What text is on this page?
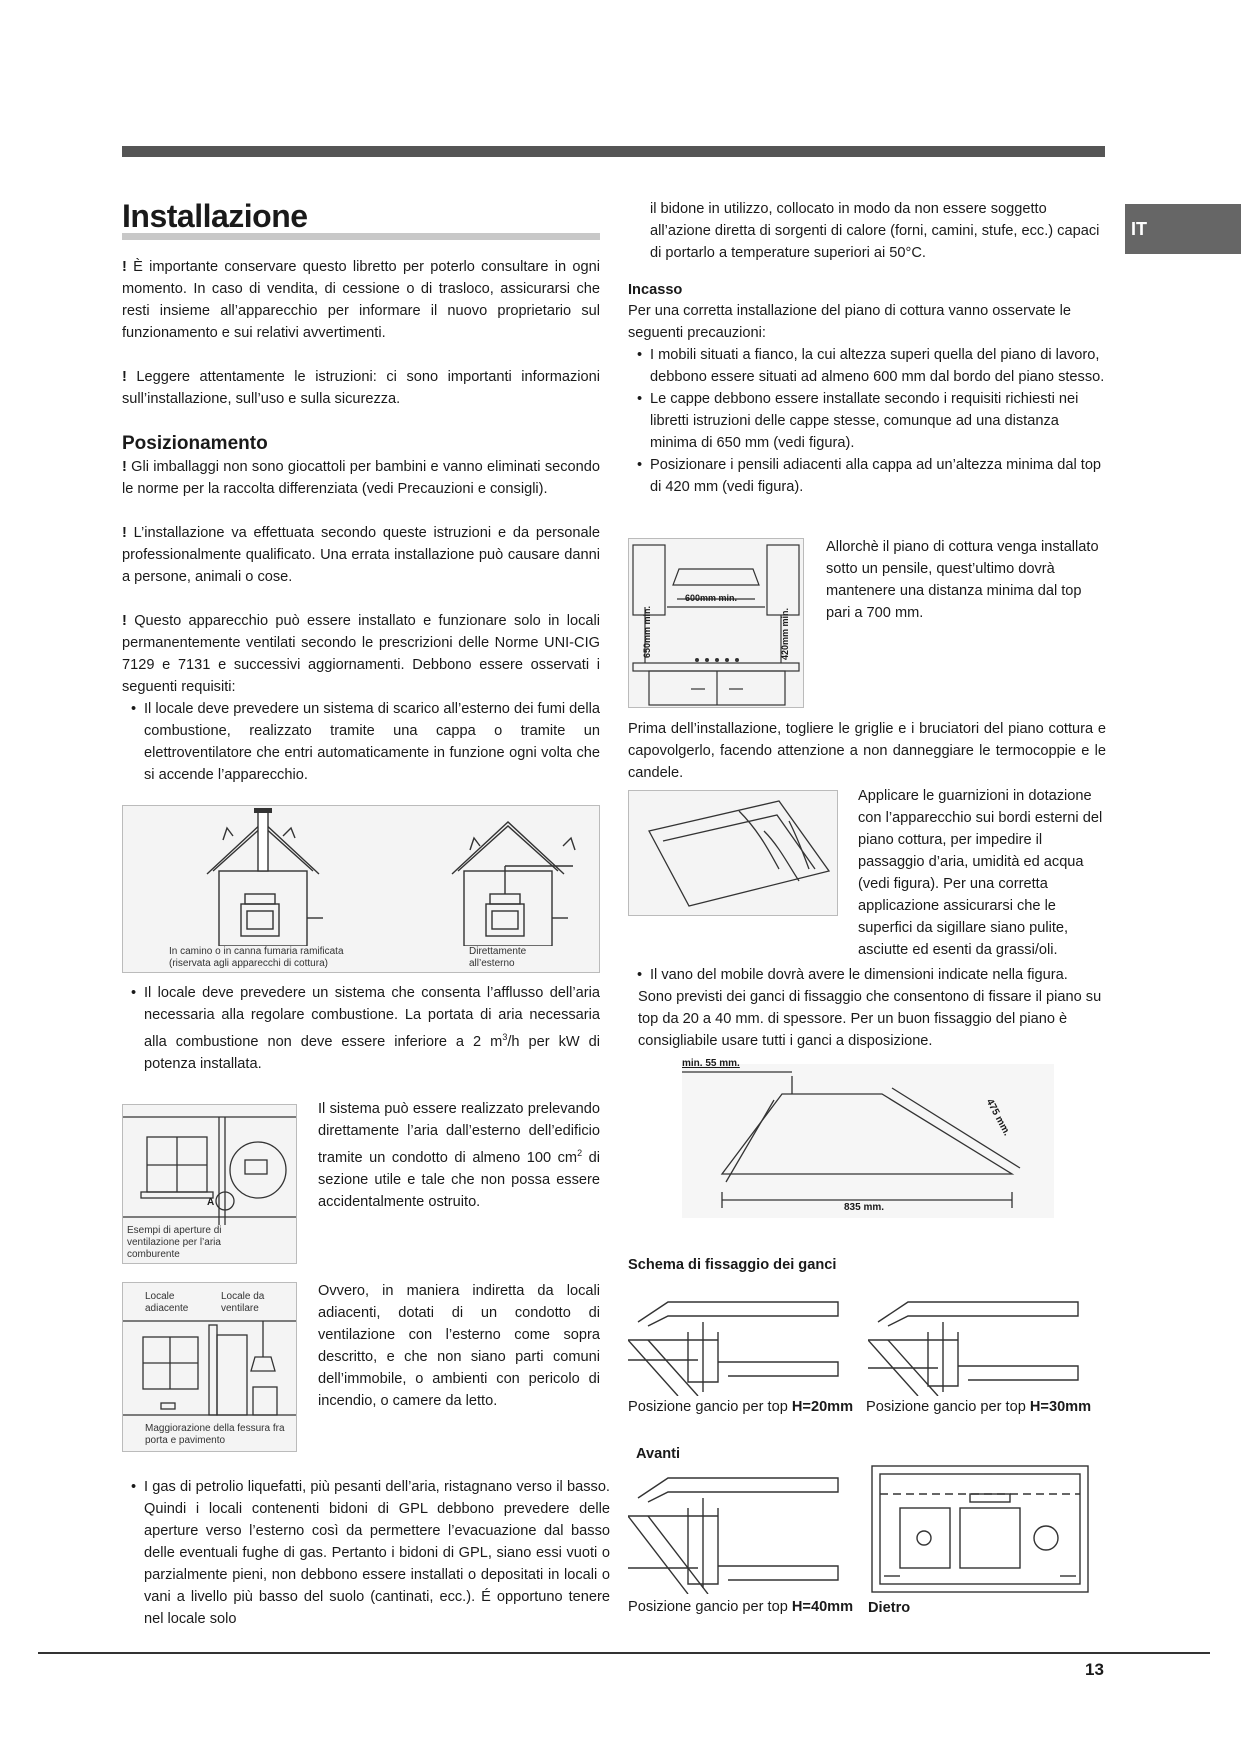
IT
Installazione

! È importante conservare questo libretto per poterlo consultare in ogni momento. In caso di vendita, di cessione o di trasloco, assicurarsi che resti insieme all’apparecchio per informare il nuovo proprietario sul funzionamento e sui relativi avvertimenti.

! Leggere attentamente le istruzioni: ci sono importanti informazioni sull’installazione, sull’uso e sulla sicurezza.

Posizionamento

! Gli imballaggi non sono giocattoli per bambini e vanno eliminati secondo le norme per la raccolta differenziata (vedi Precauzioni e consigli).

! L’installazione va effettuata secondo queste istruzioni e da personale professionalmente qualificato. Una errata installazione può causare danni a persone, animali o cose.

! Questo apparecchio può essere installato e funzionare solo in locali permanentemente ventilati secondo le prescrizioni delle Norme UNI-CIG 7129 e 7131 e successivi aggiornamenti. Debbono essere osservati i seguenti requisiti:

• Il locale deve prevedere un sistema di scarico all’esterno dei fumi della combustione, realizzato tramite una cappa o tramite un elettroventilatore che entri automaticamente in funzione ogni volta che si accende l’apparecchio.

In camino o in canna fumaria ramificata (riservata agli apparecchi di cottura)
Direttamente all’esterno

• Il locale deve prevedere un sistema che consenta l’afflusso dell’aria necessaria alla regolare combustione. La portata di aria necessaria alla combustione non deve essere inferiore a 2 $m^3/h$ per kW di potenza installata.

A
Esempi di aperture di ventilazione per l’aria comburente
Il sistema può essere realizzato prelevando direttamente l’aria dall’esterno dell’edificio tramite un condotto di almeno 100 $cm^2$ di sezione utile e tale che non possa essere accidentalmente ostruito.
Locale adiacente
Locale da ventilare
Maggiorazione della fessura fra porta e pavimento
Ovvero, in maniera indiretta da locali adiacenti, dotati di un condotto di ventilazione con l’esterno come sopra descritto, e che non siano parti comuni dell’immobile, o ambienti con pericolo di incendio, o camere da letto.

• I gas di petrolio liquefatti, più pesanti dell’aria, ristagnano verso il basso. Quindi i locali contenenti bidoni di GPL debbono prevedere delle aperture verso l’esterno così da permettere l’evacuazione dal basso delle eventuali fughe di gas. Pertanto i bidoni di GPL, siano essi vuoti o parzialmente pieni, non debbono essere installati o depositati in locali o vani a livello più basso del suolo (cantinati, ecc.). É opportuno tenere nel locale solo

il bidone in utilizzo, collocato in modo da non essere soggetto all’azione diretta di sorgenti di calore (forni, camini, stufe, ecc.) capaci di portarlo a temperature superiori ai 50°C.

Incasso

Per una corretta installazione del piano di cottura vanno osservate le seguenti precauzioni:

• I mobili situati a fianco, la cui altezza superi quella del piano di lavoro, debbono essere situati ad almeno 600 mm dal bordo del piano stesso.

• Le cappe debbono essere installate secondo i requisiti richiesti nei libretti istruzioni delle cappe stesse, comunque ad una distanza minima di 650 mm (vedi figura).

• Posizionare i pensili adiacenti alla cappa ad un’altezza minima dal top di 420 mm (vedi figura).

600mm min.
650mm min.	420mm min.
Allorchè il piano di cottura venga installato sotto un pensile, quest’ultimo dovrà mantenere una distanza minima dal top pari a 700 mm.
Prima dell’installazione, togliere le griglie e i bruciatori del piano cottura e capovolgerlo, facendo attenzione a non danneggiare le termocoppie e le candele.
Applicare le guarnizioni in dotazione con l’apparecchio sui bordi esterni del piano cottura, per impedire il passaggio d’aria, umidità ed acqua (vedi figura). Per una corretta applicazione assicurarsi che le superfici da sigillare siano pulite, asciutte ed esenti da grassi/oli.

• Il vano del mobile dovrà avere le dimensioni indicate nella figura.

Sono previsti dei ganci di fissaggio che consentono di fissare il piano su top da 20 a 40 mm. di spessore. Per un buon fissaggio del piano è consigliabile usare tutti i ganci a disposizione.

min. 55 mm.
475 mm.
835 mm.
Schema di fissaggio dei ganci
Posizione gancio per top H=20mm Posizione gancio per top H=30mm
Avanti
Posizione gancio per top H=40mm Dietro
13
